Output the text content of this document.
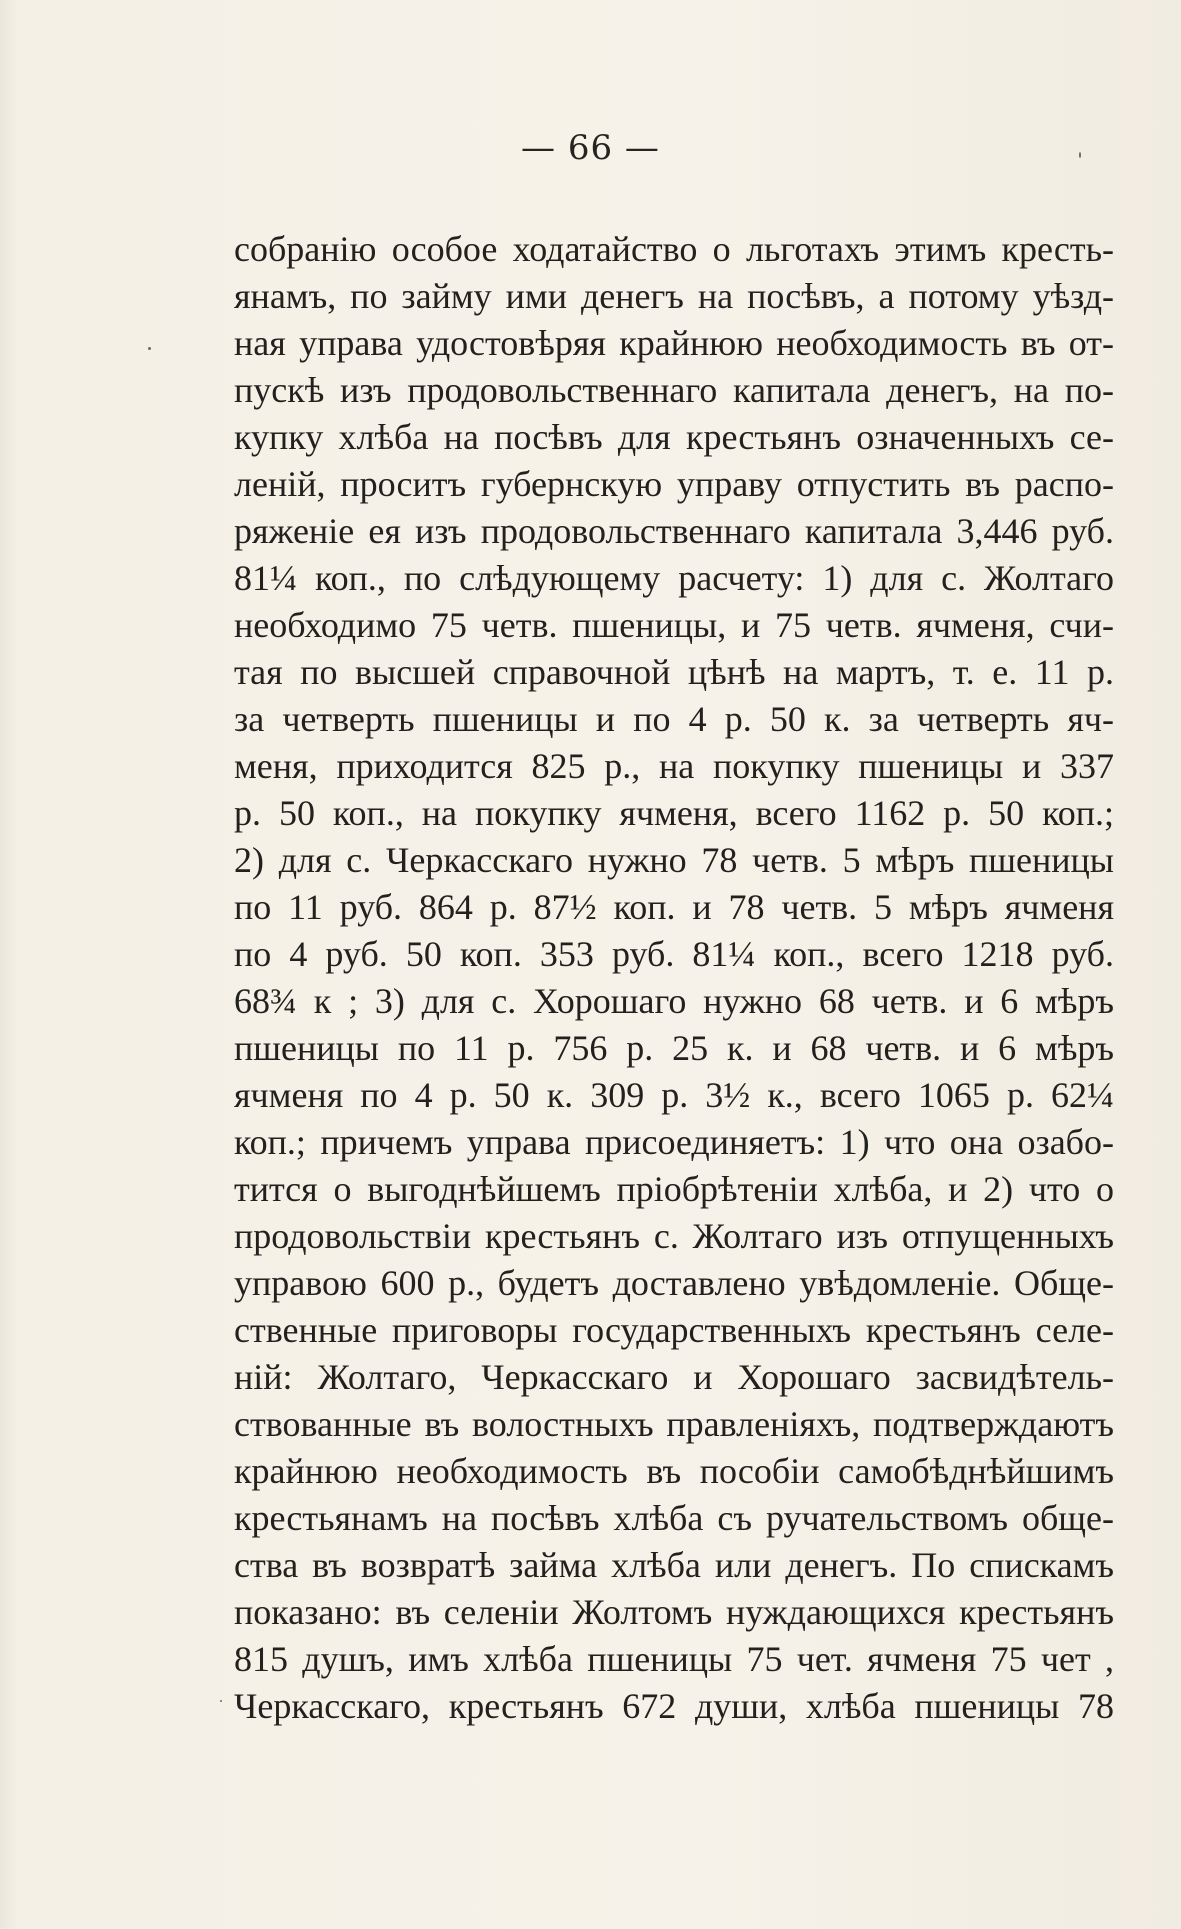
— 66 —
собранію особое ходатайство о льготахъ этимъ кресть-
янамъ, по займу ими денегъ на посѣвъ, а потому уѣзд-
ная управа удостовѣряя крайнюю необходимость въ от-
пускѣ изъ продовольственнаго капитала денегъ, на по-
купку хлѣба на посѣвъ для крестьянъ означенныхъ се-
леній, проситъ губернскую управу отпустить въ распо-
ряженіе ея изъ продовольственнаго капитала 3,446 руб.
81¼ коп., по слѣдующему расчету: 1) для с. Жолтаго
необходимо 75 четв. пшеницы, и 75 четв. ячменя, счи-
тая по высшей справочной цѣнѣ на мартъ, т. е. 11 р.
за четверть пшеницы и по 4 р. 50 к. за четверть яч-
меня, приходится 825 р., на покупку пшеницы и 337
р. 50 коп., на покупку ячменя, всего 1162 р. 50 коп.;
2) для с. Черкасскаго нужно 78 четв. 5 мѣръ пшеницы
по 11 руб. 864 р. 87½ коп. и 78 четв. 5 мѣръ ячменя
по 4 руб. 50 коп. 353 руб. 81¼ коп., всего 1218 руб.
68¾ к ; 3) для с. Хорошаго нужно 68 четв. и 6 мѣръ
пшеницы по 11 р. 756 р. 25 к. и 68 четв. и 6 мѣръ
ячменя по 4 р. 50 к. 309 р. 3½ к., всего 1065 р. 62¼
коп.; причемъ управа присоединяетъ: 1) что она озабо-
тится о выгоднѣйшемъ пріобрѣтеніи хлѣба, и 2) что о
продовольствіи крестьянъ с. Жолтаго изъ отпущенныхъ
управою 600 р., будетъ доставлено увѣдомленіе. Обще-
ственные приговоры государственныхъ крестьянъ селе-
ній: Жолтаго, Черкасскаго и Хорошаго засвидѣтель-
ствованные въ волостныхъ правленіяхъ, подтверждаютъ
крайнюю необходимость въ пособіи самобѣднѣйшимъ
крестьянамъ на посѣвъ хлѣба съ ручательствомъ обще-
ства въ возвратѣ займа хлѣба или денегъ. По спискамъ
показано: въ селеніи Жолтомъ нуждающихся крестьянъ
815 душъ, имъ хлѣба пшеницы 75 чет. ячменя 75 чет ,
Черкасскаго, крестьянъ 672 души, хлѣба пшеницы 78
